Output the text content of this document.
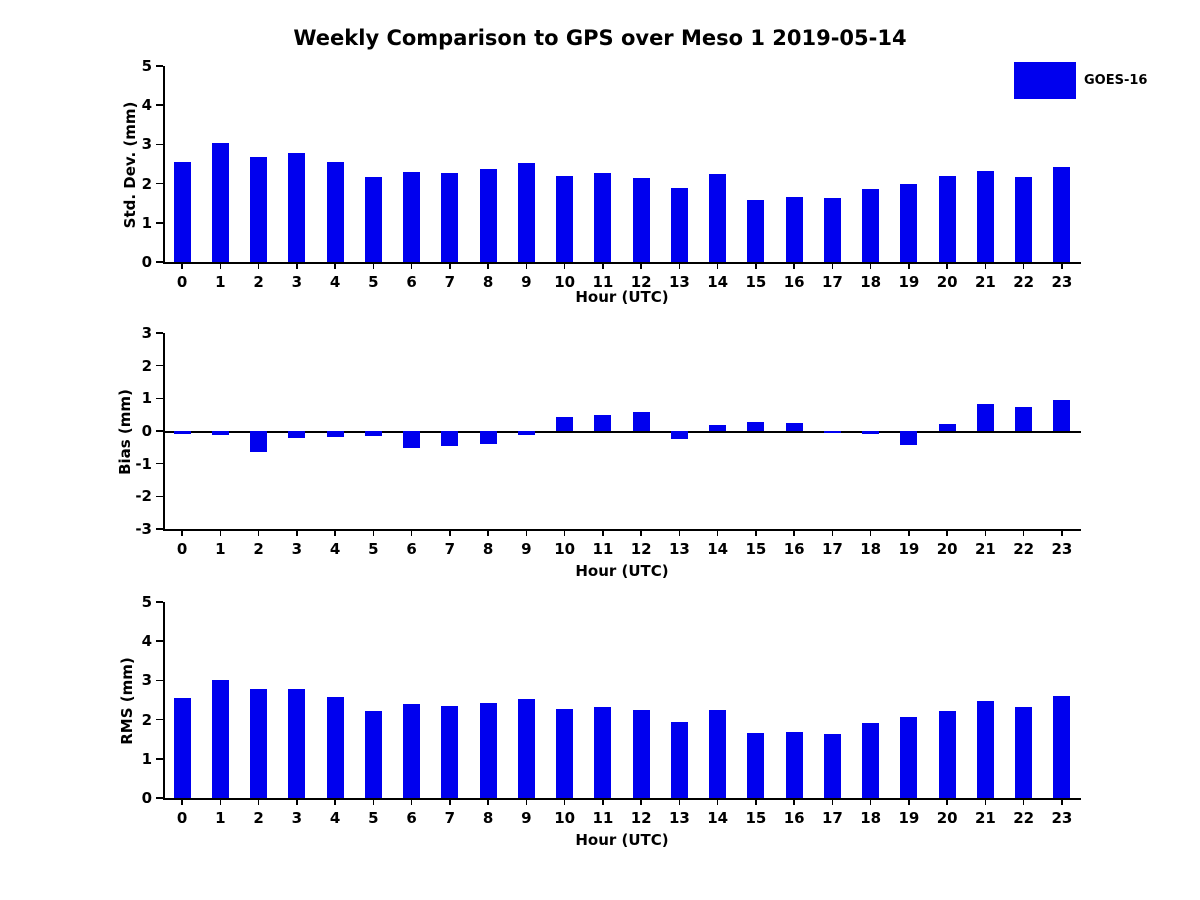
Weekly Comparison to GPS over Meso 1 2019-05-14
GOES-16
0
1
2
3
4
5
0 1 2 3 4 5 6 7 8 9 10 11 12 13 14 15 16 17 18 19 20 21 22 23
Std. Dev. (mm)
Hour (UTC)
-3
-2
-1
0
1
2
3
0 1 2 3 4 5 6 7 8 9 10 11 12 13 14 15 16 17 18 19 20 21 22 23
Bias (mm)
Hour (UTC)
0
1
2
3
4
5
0 1 2 3 4 5 6 7 8 9 10 11 12 13 14 15 16 17 18 19 20 21 22 23
RMS (mm)
Hour (UTC)
